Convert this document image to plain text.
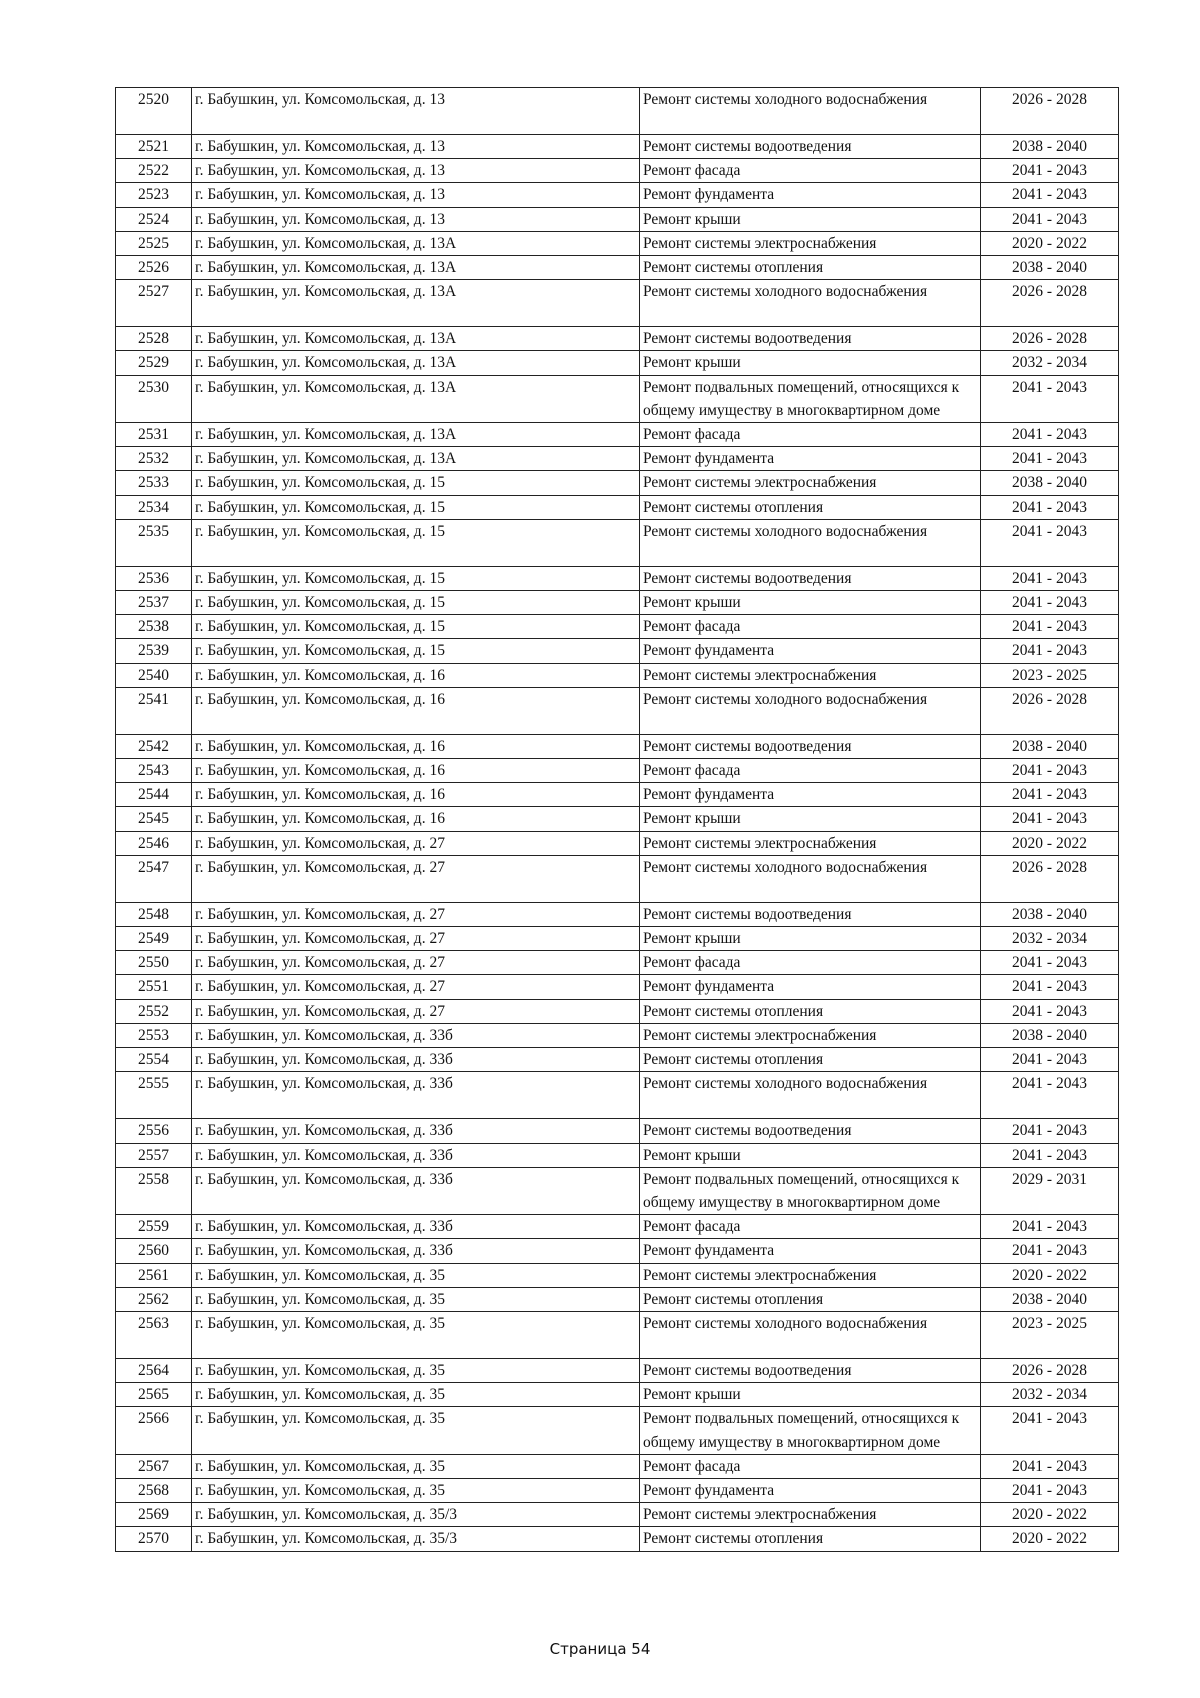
2520	г. Бабушкин, ул. Комсомольская, д. 13	Ремонт системы холодного водоснабжения	2026 - 2028
2521	г. Бабушкин, ул. Комсомольская, д. 13	Ремонт системы водоотведения	2038 - 2040
2522	г. Бабушкин, ул. Комсомольская, д. 13	Ремонт фасада	2041 - 2043
2523	г. Бабушкин, ул. Комсомольская, д. 13	Ремонт фундамента	2041 - 2043
2524	г. Бабушкин, ул. Комсомольская, д. 13	Ремонт крыши	2041 - 2043
2525	г. Бабушкин, ул. Комсомольская, д. 13А	Ремонт системы электроснабжения	2020 - 2022
2526	г. Бабушкин, ул. Комсомольская, д. 13А	Ремонт системы отопления	2038 - 2040
2527	г. Бабушкин, ул. Комсомольская, д. 13А	Ремонт системы холодного водоснабжения	2026 - 2028
2528	г. Бабушкин, ул. Комсомольская, д. 13А	Ремонт системы водоотведения	2026 - 2028
2529	г. Бабушкин, ул. Комсомольская, д. 13А	Ремонт крыши	2032 - 2034
2530	г. Бабушкин, ул. Комсомольская, д. 13А	Ремонт подвальных помещений, относящихся к общему имуществу в многоквартирном доме	2041 - 2043
2531	г. Бабушкин, ул. Комсомольская, д. 13А	Ремонт фасада	2041 - 2043
2532	г. Бабушкин, ул. Комсомольская, д. 13А	Ремонт фундамента	2041 - 2043
2533	г. Бабушкин, ул. Комсомольская, д. 15	Ремонт системы электроснабжения	2038 - 2040
2534	г. Бабушкин, ул. Комсомольская, д. 15	Ремонт системы отопления	2041 - 2043
2535	г. Бабушкин, ул. Комсомольская, д. 15	Ремонт системы холодного водоснабжения	2041 - 2043
2536	г. Бабушкин, ул. Комсомольская, д. 15	Ремонт системы водоотведения	2041 - 2043
2537	г. Бабушкин, ул. Комсомольская, д. 15	Ремонт крыши	2041 - 2043
2538	г. Бабушкин, ул. Комсомольская, д. 15	Ремонт фасада	2041 - 2043
2539	г. Бабушкин, ул. Комсомольская, д. 15	Ремонт фундамента	2041 - 2043
2540	г. Бабушкин, ул. Комсомольская, д. 16	Ремонт системы электроснабжения	2023 - 2025
2541	г. Бабушкин, ул. Комсомольская, д. 16	Ремонт системы холодного водоснабжения	2026 - 2028
2542	г. Бабушкин, ул. Комсомольская, д. 16	Ремонт системы водоотведения	2038 - 2040
2543	г. Бабушкин, ул. Комсомольская, д. 16	Ремонт фасада	2041 - 2043
2544	г. Бабушкин, ул. Комсомольская, д. 16	Ремонт фундамента	2041 - 2043
2545	г. Бабушкин, ул. Комсомольская, д. 16	Ремонт крыши	2041 - 2043
2546	г. Бабушкин, ул. Комсомольская, д. 27	Ремонт системы электроснабжения	2020 - 2022
2547	г. Бабушкин, ул. Комсомольская, д. 27	Ремонт системы холодного водоснабжения	2026 - 2028
2548	г. Бабушкин, ул. Комсомольская, д. 27	Ремонт системы водоотведения	2038 - 2040
2549	г. Бабушкин, ул. Комсомольская, д. 27	Ремонт крыши	2032 - 2034
2550	г. Бабушкин, ул. Комсомольская, д. 27	Ремонт фасада	2041 - 2043
2551	г. Бабушкин, ул. Комсомольская, д. 27	Ремонт фундамента	2041 - 2043
2552	г. Бабушкин, ул. Комсомольская, д. 27	Ремонт системы отопления	2041 - 2043
2553	г. Бабушкин, ул. Комсомольская, д. 33б	Ремонт системы электроснабжения	2038 - 2040
2554	г. Бабушкин, ул. Комсомольская, д. 33б	Ремонт системы отопления	2041 - 2043
2555	г. Бабушкин, ул. Комсомольская, д. 33б	Ремонт системы холодного водоснабжения	2041 - 2043
2556	г. Бабушкин, ул. Комсомольская, д. 33б	Ремонт системы водоотведения	2041 - 2043
2557	г. Бабушкин, ул. Комсомольская, д. 33б	Ремонт крыши	2041 - 2043
2558	г. Бабушкин, ул. Комсомольская, д. 33б	Ремонт подвальных помещений, относящихся к общему имуществу в многоквартирном доме	2029 - 2031
2559	г. Бабушкин, ул. Комсомольская, д. 33б	Ремонт фасада	2041 - 2043
2560	г. Бабушкин, ул. Комсомольская, д. 33б	Ремонт фундамента	2041 - 2043
2561	г. Бабушкин, ул. Комсомольская, д. 35	Ремонт системы электроснабжения	2020 - 2022
2562	г. Бабушкин, ул. Комсомольская, д. 35	Ремонт системы отопления	2038 - 2040
2563	г. Бабушкин, ул. Комсомольская, д. 35	Ремонт системы холодного водоснабжения	2023 - 2025
2564	г. Бабушкин, ул. Комсомольская, д. 35	Ремонт системы водоотведения	2026 - 2028
2565	г. Бабушкин, ул. Комсомольская, д. 35	Ремонт крыши	2032 - 2034
2566	г. Бабушкин, ул. Комсомольская, д. 35	Ремонт подвальных помещений, относящихся к общему имуществу в многоквартирном доме	2041 - 2043
2567	г. Бабушкин, ул. Комсомольская, д. 35	Ремонт фасада	2041 - 2043
2568	г. Бабушкин, ул. Комсомольская, д. 35	Ремонт фундамента	2041 - 2043
2569	г. Бабушкин, ул. Комсомольская, д. 35/3	Ремонт системы электроснабжения	2020 - 2022
2570	г. Бабушкин, ул. Комсомольская, д. 35/3	Ремонт системы отопления	2020 - 2022
Страница 54
